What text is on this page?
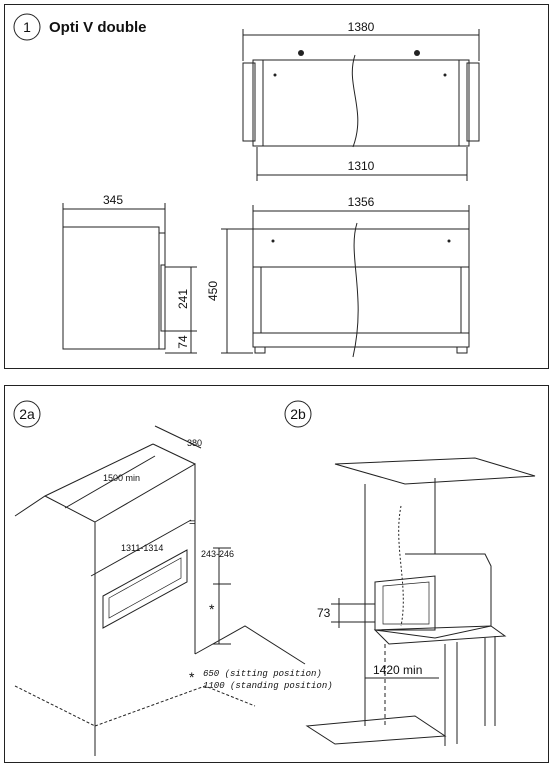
1 Opti V double	1380
1310
345	1356
450
241
74
2a	2b
380
1500 min
=
1311-1314
243-246
*
* 650 (sitting position)
1100 (standing position)
73
1420 min
